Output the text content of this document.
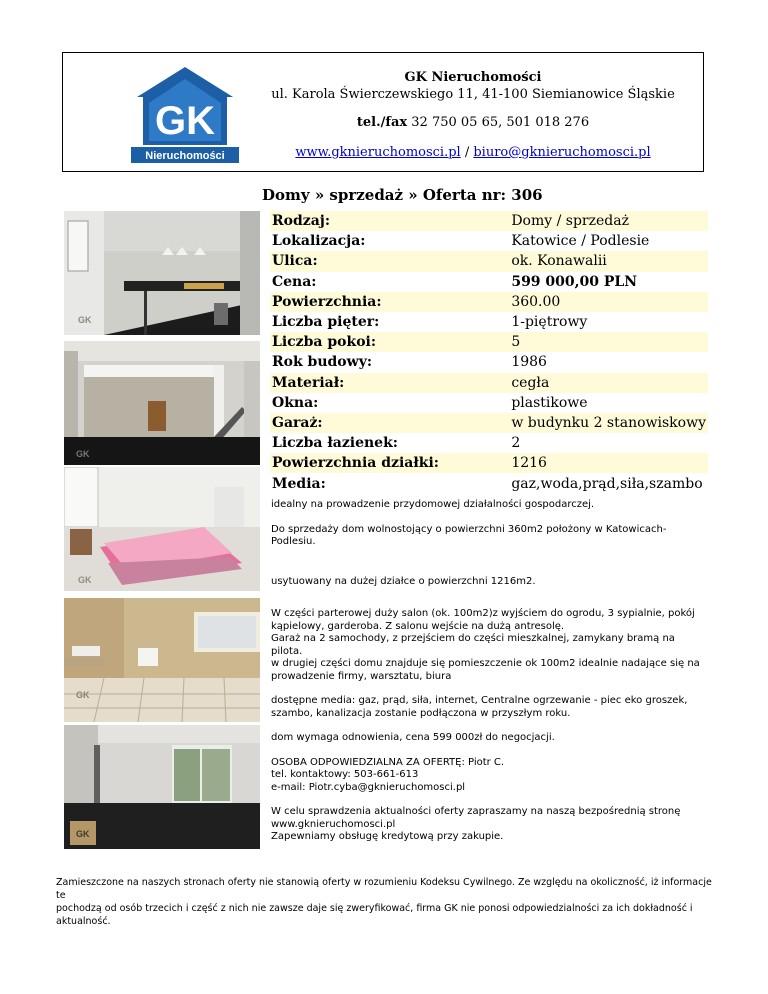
GK
Nieruchomości
GK Nieruchomości
ul. Karola Świerczewskiego 11, 41-100 Siemianowice Śląskie
tel./fax 32 750 05 65, 501 018 276
www.gknieruchomosci.pl / biuro@gknieruchomosci.pl
Domy » sprzedaż » Oferta nr: 306
GK
GK
GK
GK
GK
Rodzaj:	Domy / sprzedaż
Lokalizacja:	Katowice / Podlesie
Ulica:	ok. Konawalii
Cena:	599 000,00 PLN
Powierzchnia:	360.00
Liczba pięter:	1-piętrowy
Liczba pokoi:	5
Rok budowy:	1986
Materiał:	cegła
Okna:	plastikowe
Garaż:	w budynku 2 stanowiskowy
Liczba łazienek:	2
Powierzchnia działki:	1216
Media:	gaz,woda,prąd,siła,szambo

idealny na prowadzenie przydomowej działalności gospodarczej.

Do sprzedaży dom wolnostojący o powierzchni 360m2 położony w Katowicach-Podlesiu.

usytuowany na dużej działce o powierzchni 1216m2.

W części parterowej duży salon (ok. 100m2)z wyjściem do ogrodu, 3 sypialnie, pokój

kąpielowy, garderoba. Z salonu wejście na dużą antresolę.

Garaż na 2 samochody, z przejściem do części mieszkalnej, zamykany bramą na pilota.

w drugiej części domu znajduje się pomieszczenie ok 100m2 idealnie nadające się na

prowadzenie firmy, warsztatu, biura

dostępne media: gaz, prąd, siła, internet, Centralne ogrzewanie - piec eko groszek,

szambo, kanalizacja zostanie podłączona w przyszłym roku.

dom wymaga odnowienia, cena 599 000zł do negocjacji.

OSOBA ODPOWIEDZIALNA ZA OFERTĘ: Piotr C.

tel. kontaktowy: 503-661-613

e-mail: Piotr.cyba@gknieruchomosci.pl

W celu sprawdzenia aktualności oferty zapraszamy na naszą bezpośrednią stronę

www.gknieruchomosci.pl

Zapewniamy obsługę kredytową przy zakupie.

Zamieszczone na naszych stronach oferty nie stanowią oferty w rozumieniu Kodeksu Cywilnego. Ze względu na okoliczność, iż informacje te
pochodzą od osób trzecich i część z nich nie zawsze daje się zweryfikować, firma GK nie ponosi odpowiedzialności za ich dokładność i aktualność.
